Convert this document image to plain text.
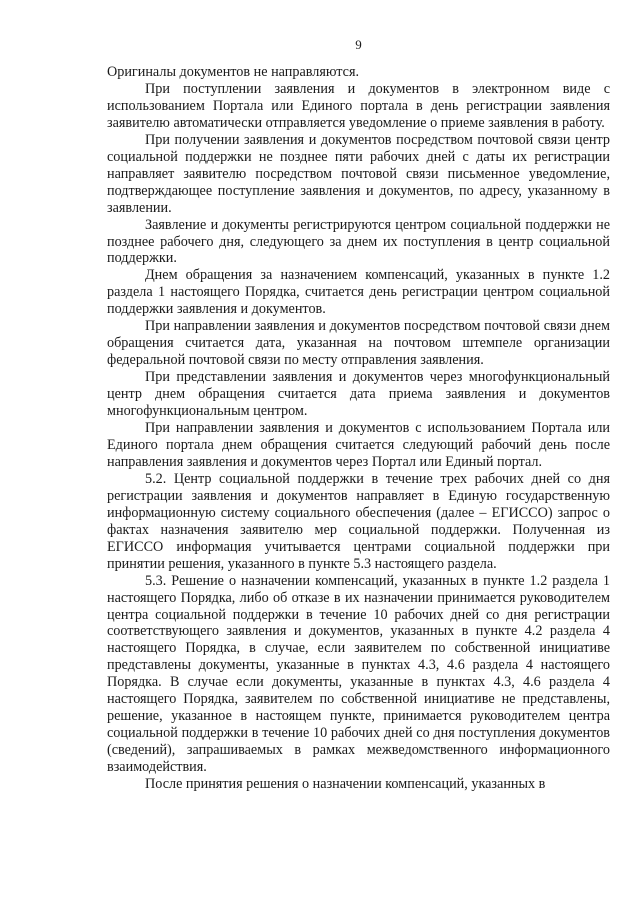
9

Оригиналы документов не направляются.

При поступлении заявления и документов в электронном виде с использованием Портала или Единого портала в день регистрации заявления заявителю автоматически отправляется уведомление о приеме заявления в работу.

При получении заявления и документов посредством почтовой связи центр социальной поддержки не позднее пяти рабочих дней с даты их регистрации направляет заявителю посредством почтовой связи письменное уведомление, подтверждающее поступление заявления и документов, по адресу, указанному в заявлении.

Заявление и документы регистрируются центром социальной поддержки не позднее рабочего дня, следующего за днем их поступления в центр социальной поддержки.

Днем обращения за назначением компенсаций, указанных в пункте 1.2 раздела 1 настоящего Порядка, считается день регистрации центром социальной поддержки заявления и документов.

При направлении заявления и документов посредством почтовой связи днем обращения считается дата, указанная на почтовом штемпеле организации федеральной почтовой связи по месту отправления заявления.

При представлении заявления и документов через многофункциональный центр днем обращения считается дата приема заявления и документов многофункциональным центром.

При направлении заявления и документов с использованием Портала или Единого портала днем обращения считается следующий рабочий день после направления заявления и документов через Портал или Единый портал.

5.2. Центр социальной поддержки в течение трех рабочих дней со дня регистрации заявления и документов направляет в Единую государственную информационную систему социального обеспечения (далее – ЕГИССО) запрос о фактах назначения заявителю мер социальной поддержки. Полученная из ЕГИССО информация учитывается центрами социальной поддержки при принятии решения, указанного в пункте 5.3 настоящего раздела.

5.3. Решение о назначении компенсаций, указанных в пункте 1.2 раздела 1 настоящего Порядка, либо об отказе в их назначении принимается руководителем центра социальной поддержки в течение 10 рабочих дней со дня регистрации соответствующего заявления и документов, указанных в пункте 4.2 раздела 4 настоящего Порядка, в случае, если заявителем по собственной инициативе представлены документы, указанные в пунктах 4.3, 4.6 раздела 4 настоящего Порядка. В случае если документы, указанные в пунктах 4.3, 4.6 раздела 4 настоящего Порядка, заявителем по собственной инициативе не представлены, решение, указанное в настоящем пункте, принимается руководителем центра социальной поддержки в течение 10 рабочих дней со дня поступления документов (сведений), запрашиваемых в рамках межведомственного информационного взаимодействия.

После принятия решения о назначении компенсаций, указанных в
